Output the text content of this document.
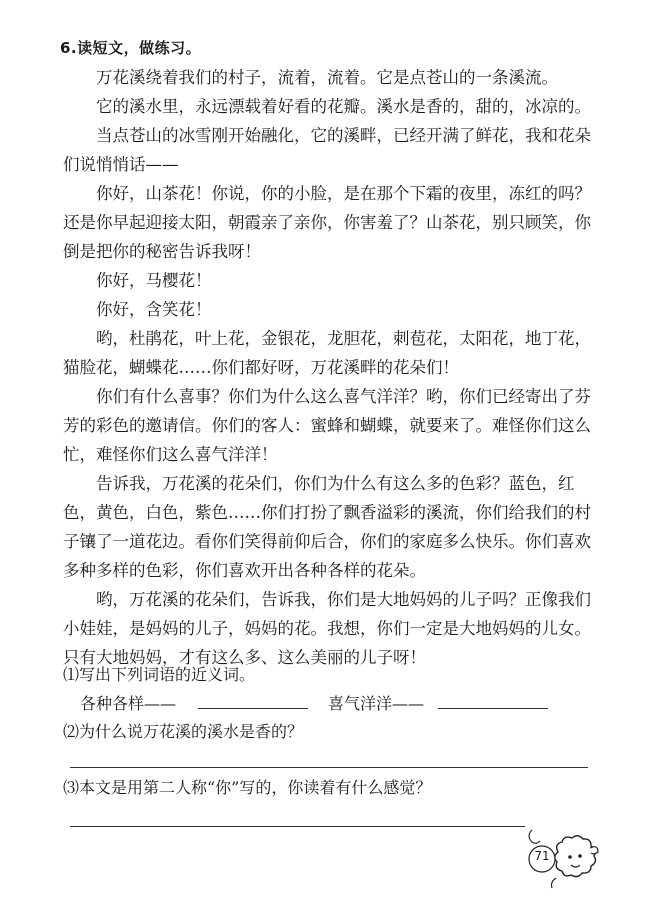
6.读短文，做练习。

万花溪绕着我们的村子，流着，流着。它是点苍山的一条溪流。

它的溪水里，永远漂载着好看的花瓣。溪水是香的，甜的，冰凉的。

当点苍山的冰雪刚开始融化，它的溪畔，已经开满了鲜花，我和花朵们说悄悄话——

你好，山茶花！你说，你的小脸，是在那个下霜的夜里，冻红的吗？还是你早起迎接太阳，朝霞亲了亲你，你害羞了？山茶花，别只顾笑，你倒是把你的秘密告诉我呀！

你好，马樱花！

你好，含笑花！

哟，杜鹃花，叶上花，金银花，龙胆花，刺苞花，太阳花，地丁花，猫脸花，蝴蝶花……你们都好呀，万花溪畔的花朵们！

你们有什么喜事？你们为什么这么喜气洋洋？哟，你们已经寄出了芬芳的彩色的邀请信。你们的客人：蜜蜂和蝴蝶，就要来了。难怪你们这么忙，难怪你们这么喜气洋洋！

告诉我，万花溪的花朵们，你们为什么有这么多的色彩？蓝色，红色，黄色，白色，紫色……你们打扮了飘香溢彩的溪流，你们给我们的村子镶了一道花边。看你们笑得前仰后合，你们的家庭多么快乐。你们喜欢多种多样的色彩，你们喜欢开出各种各样的花朵。

哟，万花溪的花朵们，告诉我，你们是大地妈妈的儿子吗？正像我们小娃娃，是妈妈的儿子，妈妈的花。我想，你们一定是大地妈妈的儿女。只有大地妈妈，才有这么多、这么美丽的儿子呀！

⑴写出下列词语的近义词。
各种各样——	喜气洋洋——
⑵为什么说万花溪的溪水是香的？
⑶本文是用第二人称“你”写的，你读着有什么感觉？
71
